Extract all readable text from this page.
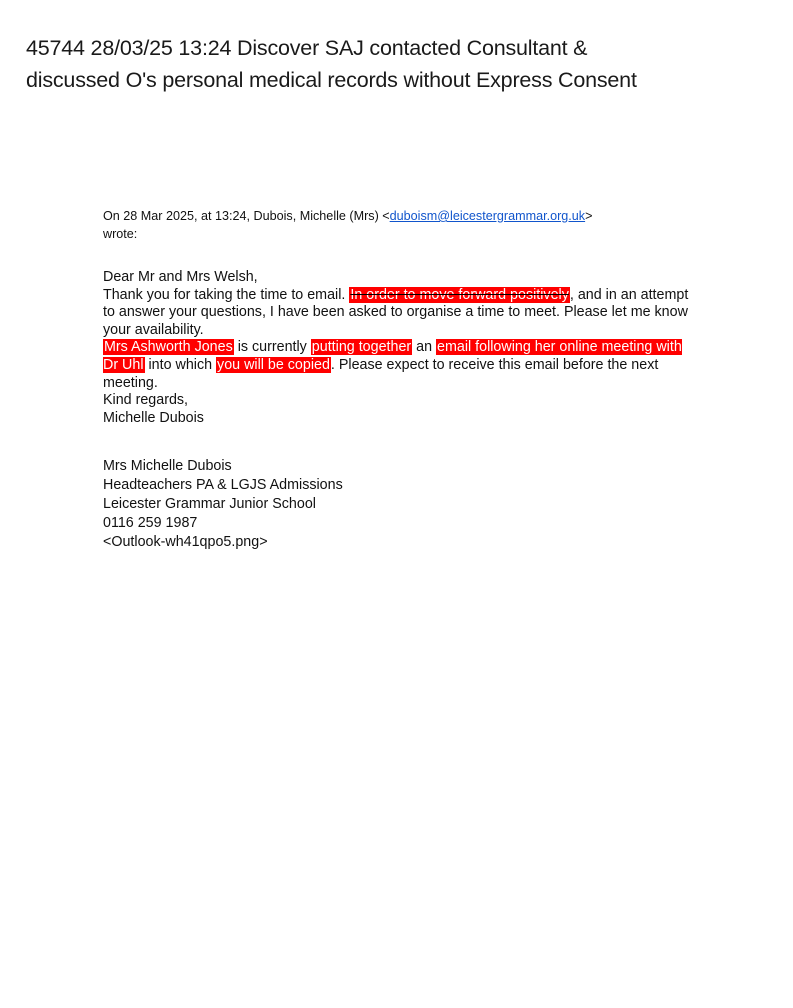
45744 28/03/25 13:24 Discover SAJ contacted Consultant & discussed O's personal medical records without Express Consent
On 28 Mar 2025, at 13:24, Dubois, Michelle (Mrs) <duboism@leicestergrammar.org.uk>
wrote:

Dear Mr and Mrs Welsh,

Thank you for taking the time to email. In order to move forward positively, and in an attempt to answer your questions, I have been asked to organise a time to meet. Please let me know your availability.

Mrs Ashworth Jones is currently putting together an email following her online meeting with Dr Uhl into which you will be copied. Please expect to receive this email before the next meeting.

Kind regards,

Michelle Dubois

Mrs Michelle Dubois
Headteachers PA & LGJS Admissions
Leicester Grammar Junior School
0116 259 1987
<Outlook-wh41qpo5.png>
